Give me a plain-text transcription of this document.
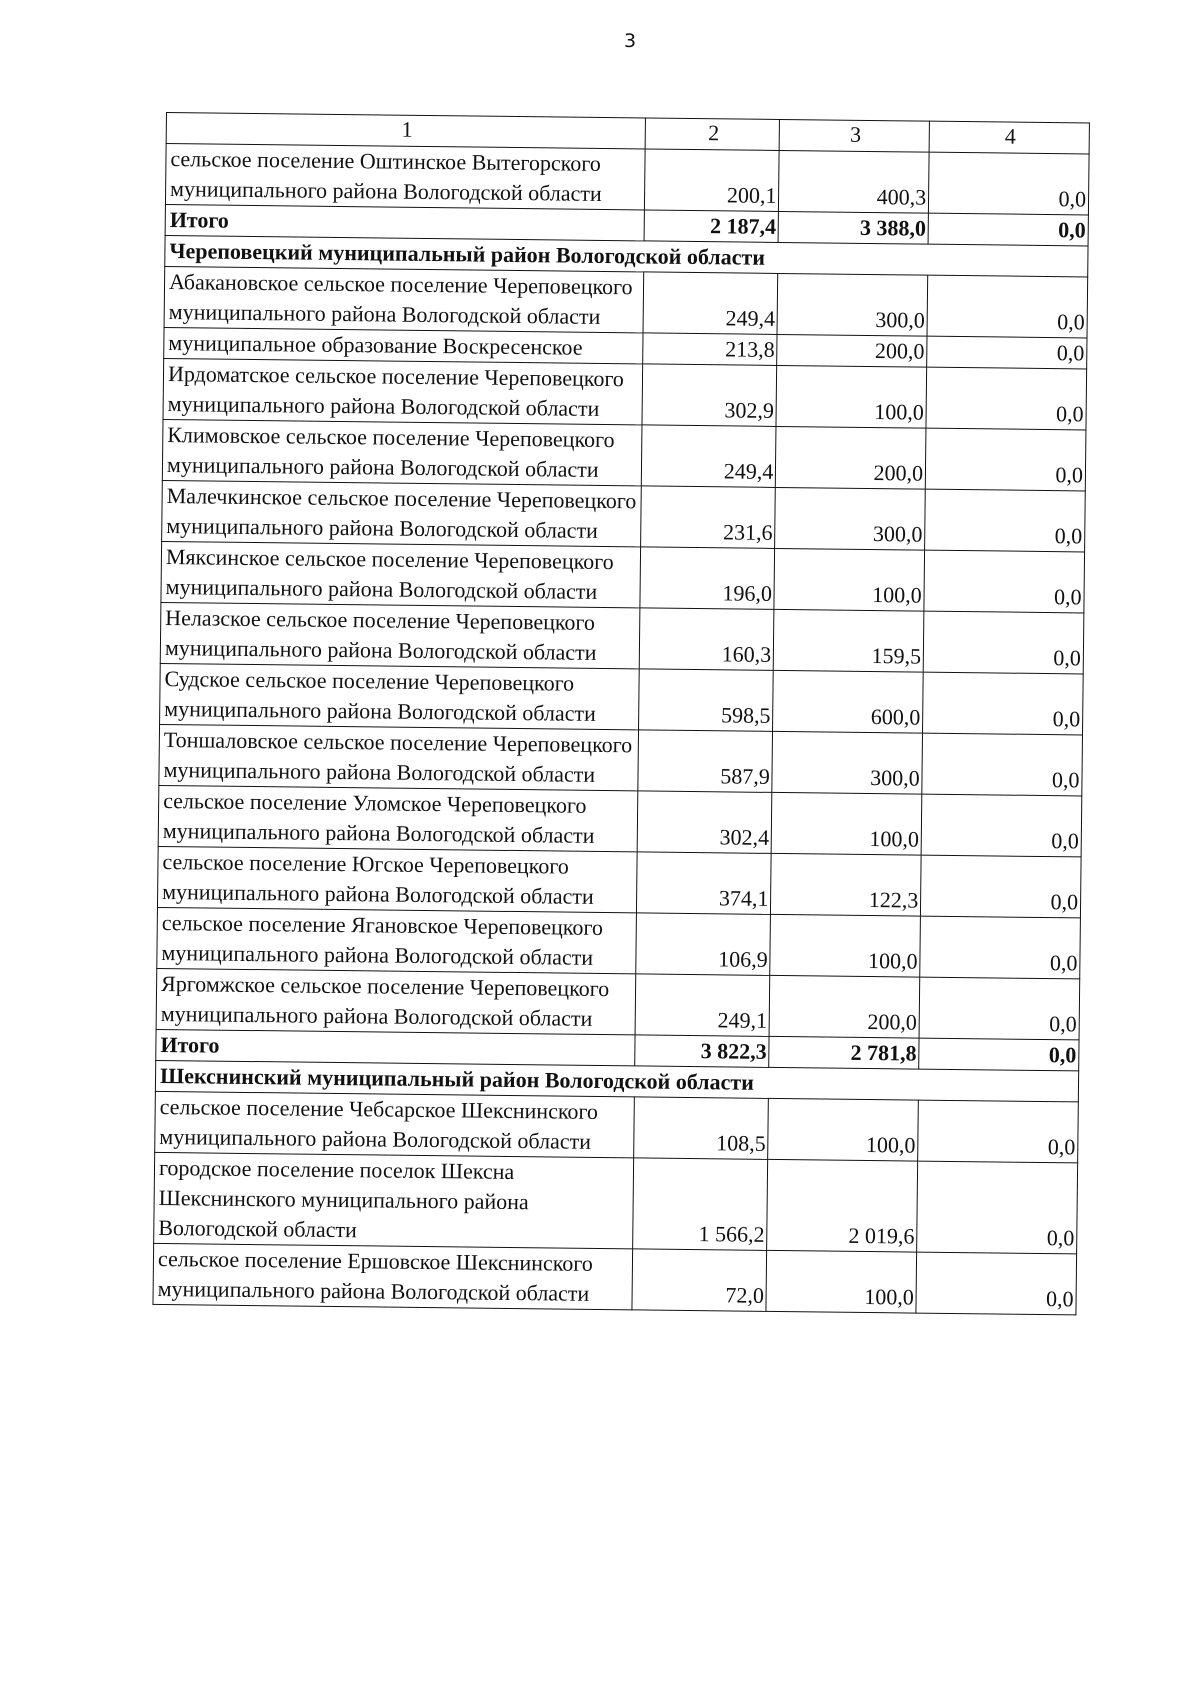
3
1	2	3	4
сельское поселение Оштинское Вытегорского муниципального района Вологодской области	200,1	400,3	0,0
Итого	2 187,4	3 388,0	0,0
Череповецкий муниципальный район Вологодской области			
Абакановское сельское поселение Череповецкого муниципального района Вологодской области	249,4	300,0	0,0
муниципальное образование Воскресенское	213,8	200,0	0,0
Ирдоматское сельское поселение Череповецкого муниципального района Вологодской области	302,9	100,0	0,0
Климовское сельское поселение Череповецкого муниципального района Вологодской области	249,4	200,0	0,0
Малечкинское сельское поселение Череповецкого муниципального района Вологодской области	231,6	300,0	0,0
Мяксинское сельское поселение Череповецкого муниципального района Вологодской области	196,0	100,0	0,0
Нелазское сельское поселение Череповецкого муниципального района Вологодской области	160,3	159,5	0,0
Судское сельское поселение Череповецкого муниципального района Вологодской области	598,5	600,0	0,0
Тоншаловское сельское поселение Череповецкого муниципального района Вологодской области	587,9	300,0	0,0
сельское поселение Уломское Череповецкого муниципального района Вологодской области	302,4	100,0	0,0
сельское поселение Югское Череповецкого муниципального района Вологодской области	374,1	122,3	0,0
сельское поселение Ягановское Череповецкого муниципального района Вологодской области	106,9	100,0	0,0
Яргомжское сельское поселение Череповецкого муниципального района Вологодской области	249,1	200,0	0,0
Итого	3 822,3	2 781,8	0,0
Шекснинский муниципальный район Вологодской области			
сельское поселение Чебсарское Шекснинского муниципального района Вологодской области	108,5	100,0	0,0
городское поселение поселок Шексна Шекснинского муниципального района Вологодской области	1 566,2	2 019,6	0,0
сельское поселение Ершовское Шекснинского муниципального района Вологодской области	72,0	100,0	0,0
